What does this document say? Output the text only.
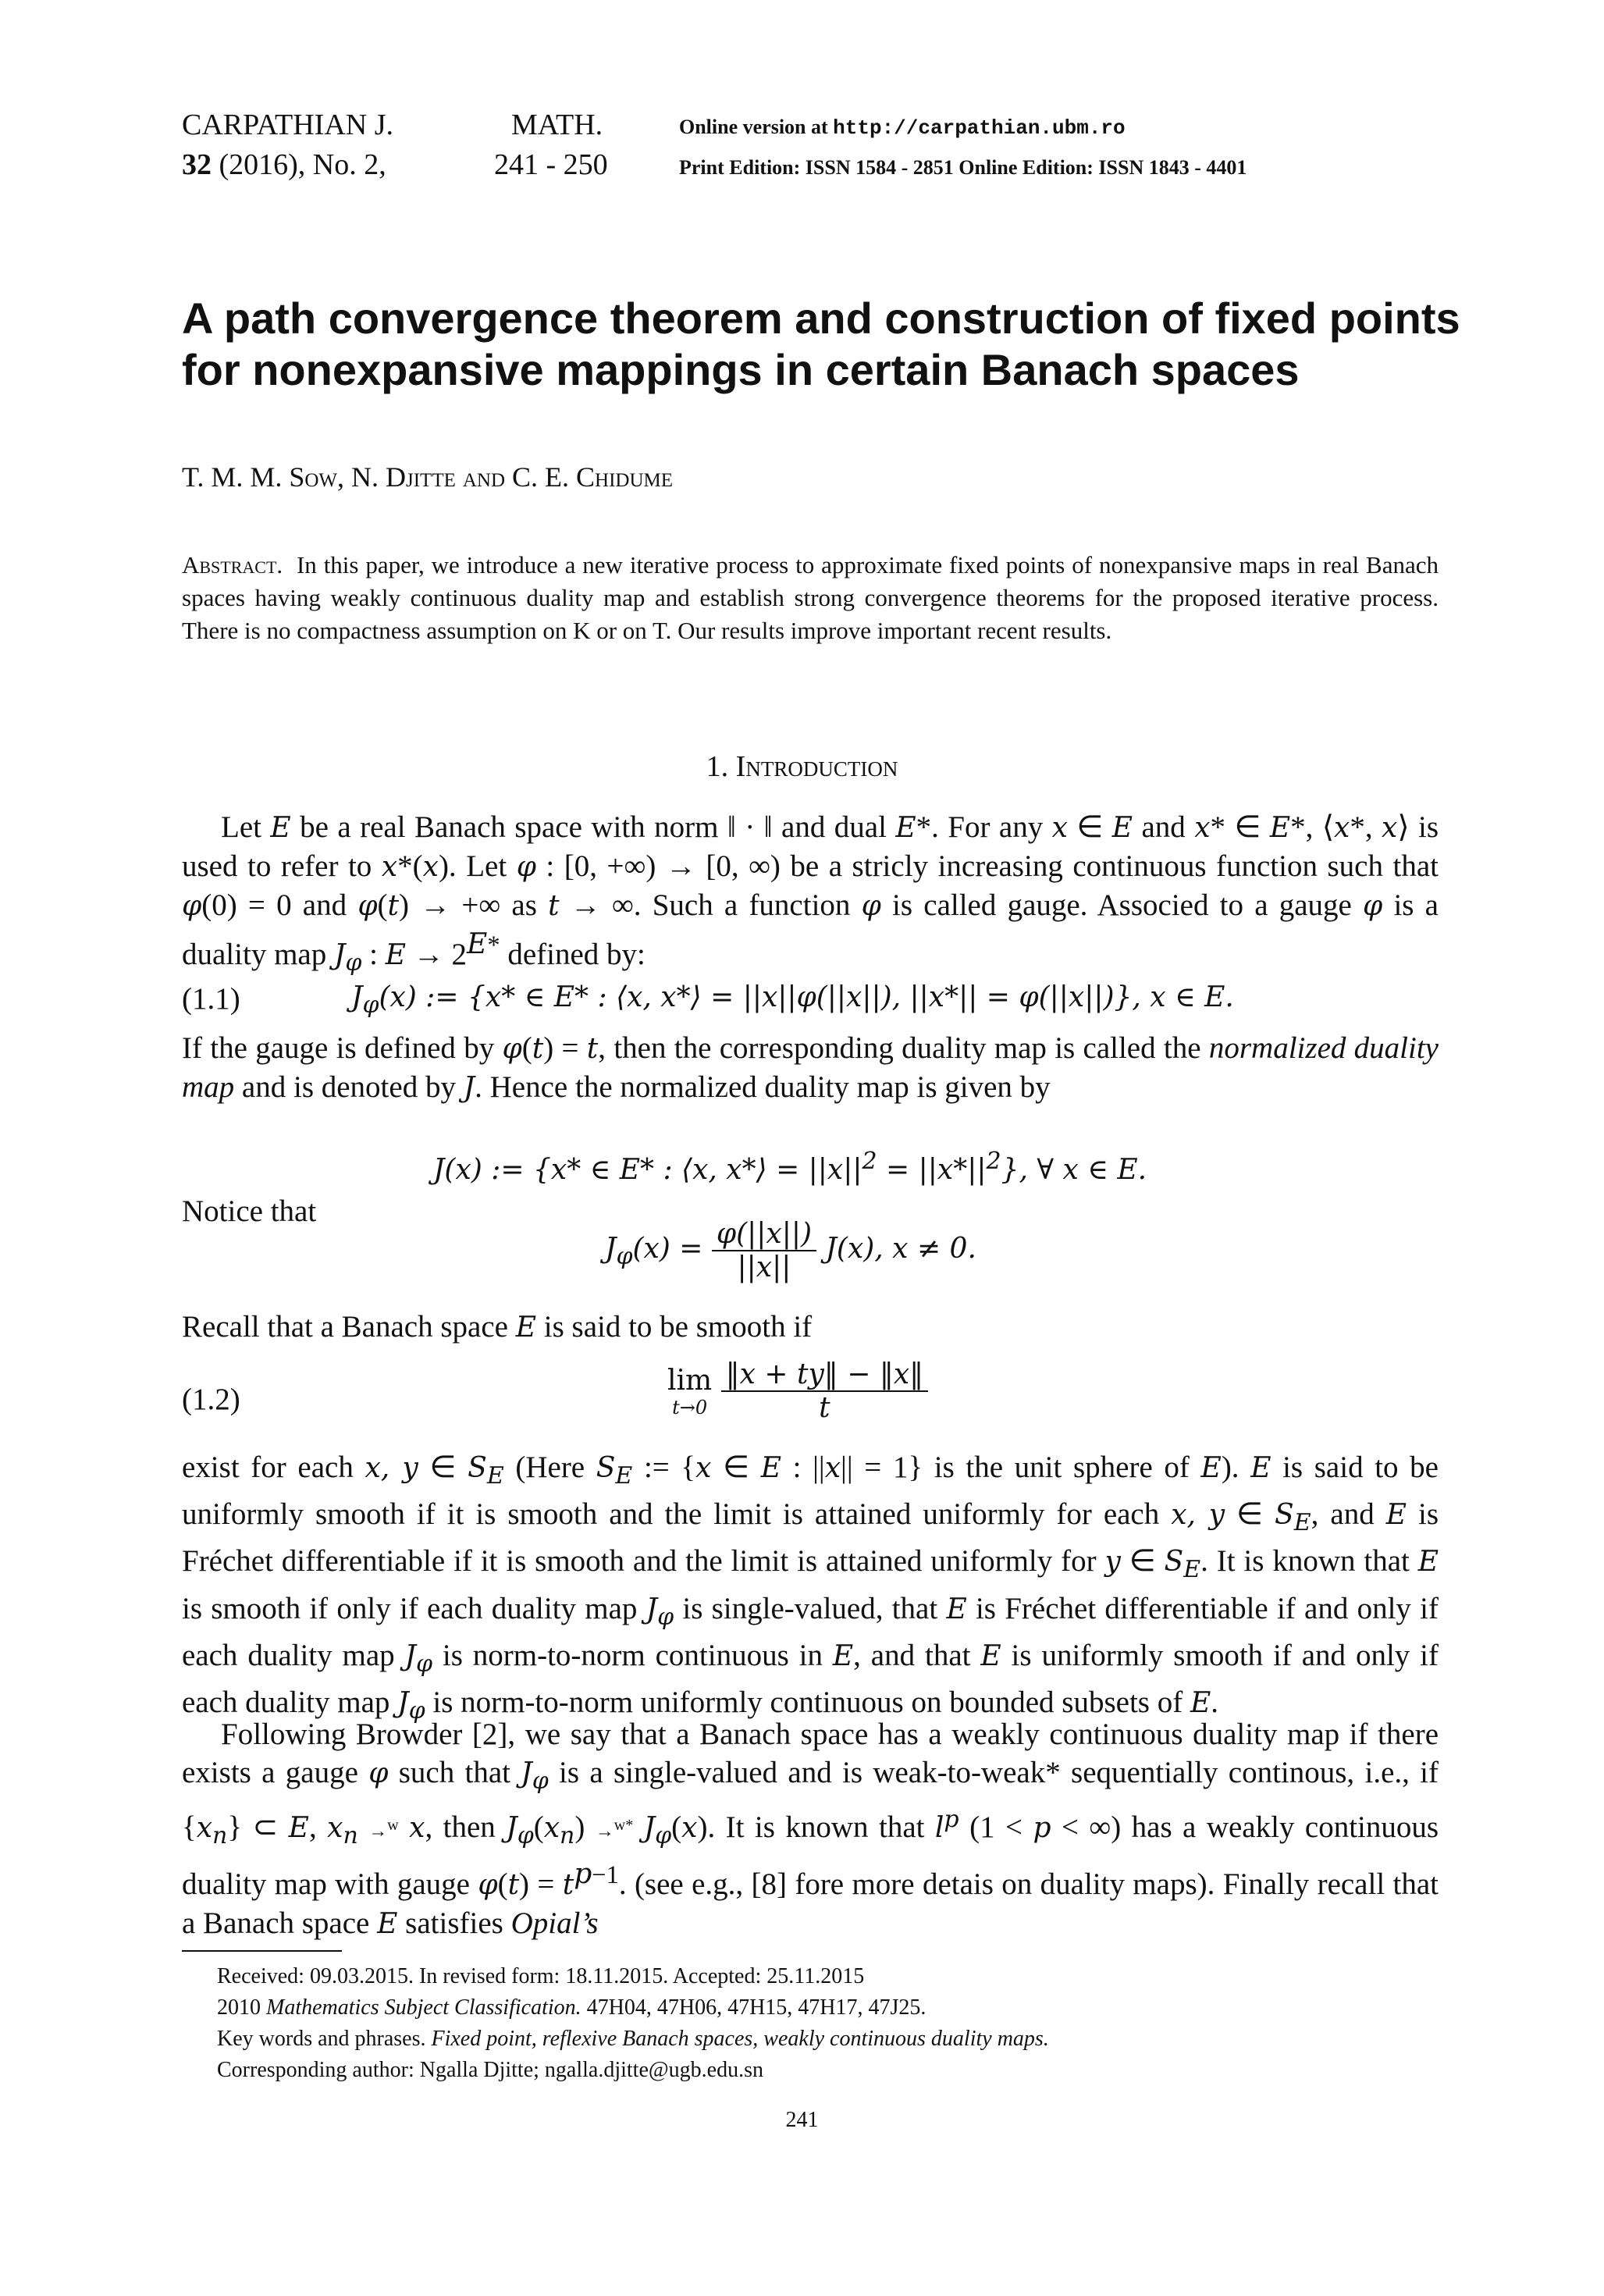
CARPATHIAN J.	MATH.
32 (2016), No. 2,	241 - 250
Online version at http://carpathian.ubm.ro
Print Edition: ISSN 1584 - 2851 Online Edition: ISSN 1843 - 4401
A path convergence theorem and construction of fixed points for nonexpansive mappings in certain Banach spaces
T. M. M. Sow, N. Djitte and C. E. Chidume
Abstract. In this paper, we introduce a new iterative process to approximate fixed points of nonexpansive maps in real Banach spaces having weakly continuous duality map and establish strong convergence theorems for the proposed iterative process. There is no compactness assumption on K or on T. Our results improve important recent results.
1. Introduction
Let E be a real Banach space with norm ‖ · ‖ and dual E*. For any x ∈ E and x* ∈ E*, ⟨x*, x⟩ is used to refer to x*(x). Let φ : [0, +∞) → [0, ∞) be a stricly increasing continuous function such that φ(0) = 0 and φ(t) → +∞ as t → ∞. Such a function φ is called gauge. Associed to a gauge φ is a duality map $J_\varphi$ : $E \to 2^{E*}$ defined by:
(1.1)	$J_\varphi(x)$ := {x* ∈ E* : ⟨x, x*⟩ = ||x||φ(||x||), ||x*|| = φ(||x||)}, x ∈ E.
If the gauge is defined by φ(t) = t, then the corresponding duality map is called the normalized duality map and is denoted by J. Hence the normalized duality map is given by
J(x) := {x* ∈ E* : ⟨x, x*⟩ = $||x||^2 = ||x*||^2$}, ∀ x ∈ E.
Notice that
$J_\varphi(x) = \frac{\varphi(||x||)}{||x||} J(x)$, x ≠ 0.
Recall that a Banach space E is said to be smooth if
(1.2)
lim
t→0
$\frac{‖x + ty‖ - ‖x‖}{t}$
exist for each x, y ∈ $S_E$ (Here $S_E$ := {x ∈ E : ||x|| = 1} is the unit sphere of E). E is said to be uniformly smooth if it is smooth and the limit is attained uniformly for each x, y ∈ $S_E$, and E is Fréchet differentiable if it is smooth and the limit is attained uniformly for y ∈ $S_E$. It is known that E is smooth if only if each duality map $J_\varphi$ is single-valued, that E is Fréchet differentiable if and only if each duality map $J_\varphi$ is norm-to-norm continuous in E, and that E is uniformly smooth if and only if each duality map $J_\varphi$ is norm-to-norm uniformly continuous on bounded subsets of E.
Following Browder [2], we say that a Banach space has a weakly continuous duality map if there exists a gauge φ such that $J_\varphi$ is a single-valued and is weak-to-weak* sequentially continous, i.e., if $\{x_n\}$ ⊂ E, $x_n \to^w$ x, then $J_\varphi(x_n) \to^{w*}$ $J_\varphi(x)$. It is known that $l^p$ (1 < p < ∞) has a weakly continuous duality map with gauge $\varphi(t) = t^{p-1}$. (see e.g., [8] fore more detais on duality maps). Finally recall that a Banach space E satisfies Opial’s
Received: 09.03.2015. In revised form: 18.11.2015. Accepted: 25.11.2015
2010 Mathematics Subject Classification. 47H04, 47H06, 47H15, 47H17, 47J25.
Key words and phrases. Fixed point, reflexive Banach spaces, weakly continuous duality maps.
Corresponding author: Ngalla Djitte; ngalla.djitte@ugb.edu.sn
241
